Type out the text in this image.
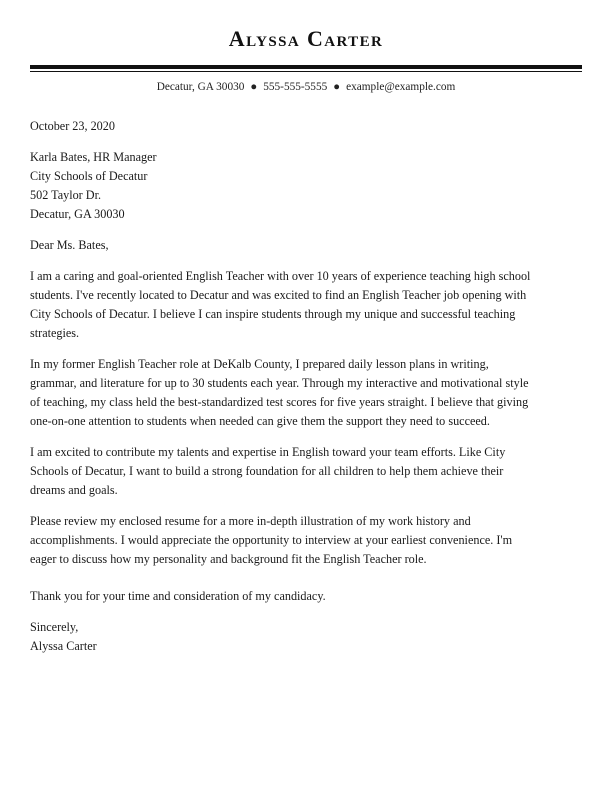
Alyssa Carter
Decatur, GA 30030 ● 555-555-5555 ● example@example.com

October 23, 2020

Karla Bates, HR Manager

City Schools of Decatur

502 Taylor Dr.

Decatur, GA 30030

Dear Ms. Bates,

I am a caring and goal-oriented English Teacher with over 10 years of experience teaching high school
students. I've recently located to Decatur and was excited to find an English Teacher job opening with
City Schools of Decatur. I believe I can inspire students through my unique and successful teaching
strategies.

In my former English Teacher role at DeKalb County, I prepared daily lesson plans in writing,
grammar, and literature for up to 30 students each year. Through my interactive and motivational style
of teaching, my class held the best-standardized test scores for five years straight. I believe that giving
one-on-one attention to students when needed can give them the support they need to succeed.

I am excited to contribute my talents and expertise in English toward your team efforts. Like City
Schools of Decatur, I want to build a strong foundation for all children to help them achieve their
dreams and goals.

Please review my enclosed resume for a more in-depth illustration of my work history and
accomplishments. I would appreciate the opportunity to interview at your earliest convenience. I'm
eager to discuss how my personality and background fit the English Teacher role.

Thank you for your time and consideration of my candidacy.

Sincerely,

Alyssa Carter
